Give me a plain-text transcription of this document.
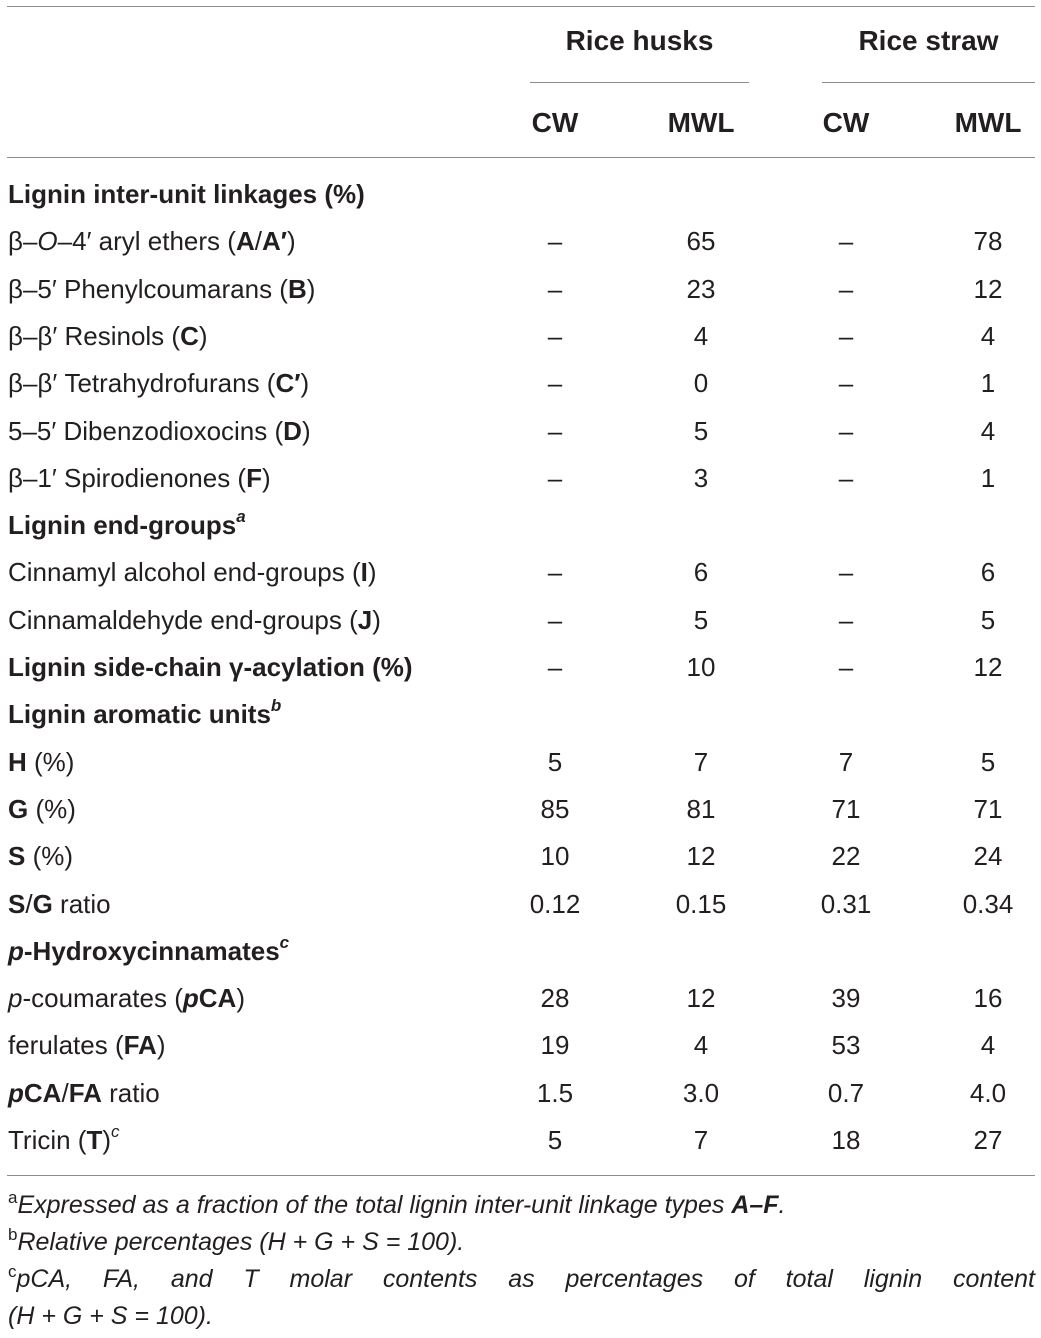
Rice husks	Rice straw
CW	MWL	CW	MWL
Lignin inter-unit linkages (%)
β–O–4′ aryl ethers (A/A′)	–	65	–	78
β–5′ Phenylcoumarans (B)	–	23	–	12
β–β′ Resinols (C)	–	4	–	4
β–β′ Tetrahydrofurans (C′)	–	0	–	1
5–5′ Dibenzodioxocins (D)	–	5	–	4
β–1′ Spirodienones (F)	–	3	–	1
Lignin end-groups$^a$
Cinnamyl alcohol end-groups (I)	–	6	–	6
Cinnamaldehyde end-groups (J)	–	5	–	5
Lignin side-chain γ-acylation (%)	–	10	–	12
Lignin aromatic units$^b$
H (%)	5	7	7	5
G (%)	85	81	71	71
S (%)	10	12	22	24
S/G ratio	0.12	0.15	0.31	0.34
p-Hydroxycinnamates$^c$
p-coumarates (pCA)	28	12	39	16
ferulates (FA)	19	4	53	4
pCA/FA ratio	1.5	3.0	0.7	4.0
Tricin $(T)^c$	5	7	18	27
$^a$Expressed as a fraction of the total lignin inter-unit linkage types A–F.
$^b$Relative percentages (H + G + S = 100).
$^c$pCA, FA, and T molar contents as percentages of total lignin content
(H + G + S = 100).
